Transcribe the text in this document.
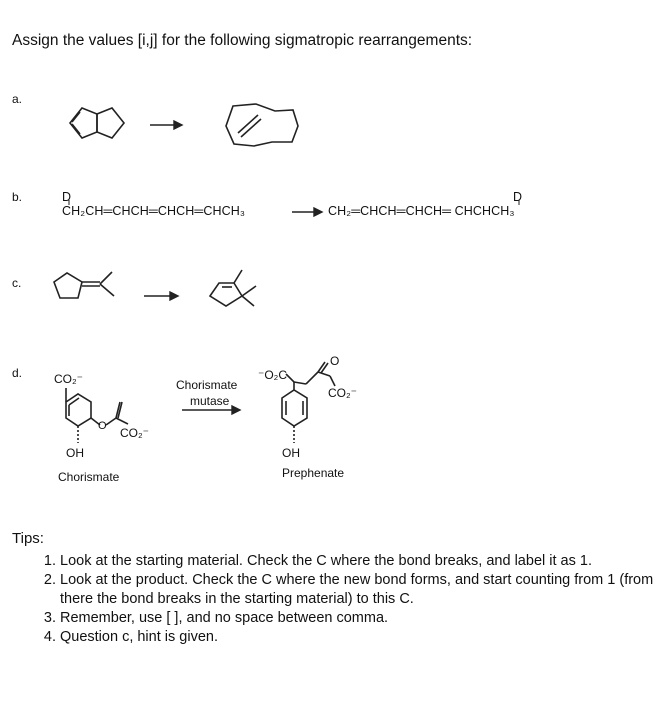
Assign the values [i,j] for the following sigmatropic rearrangements:
a.
b.
c.
d.
D
CH₂CH═CHCH═CHCH═CHCH₃
D
CH₂═CHCH═CHCH═ CHCHCH₃
CO₂⁻
O CO₂⁻
OH
Chorismate
Chorismate
mutase
⁻O₂C
O
CO₂⁻
OH
Prephenate
Tips:
1. Look at the starting material. Check the C where the bond breaks, and label it as 1.
2. Look at the product. Check the C where the new bond forms, and start counting from 1 (from there the bond breaks in the starting material) to this C.
3. Remember, use [ ], and no space between comma.
4. Question c, hint is given.
